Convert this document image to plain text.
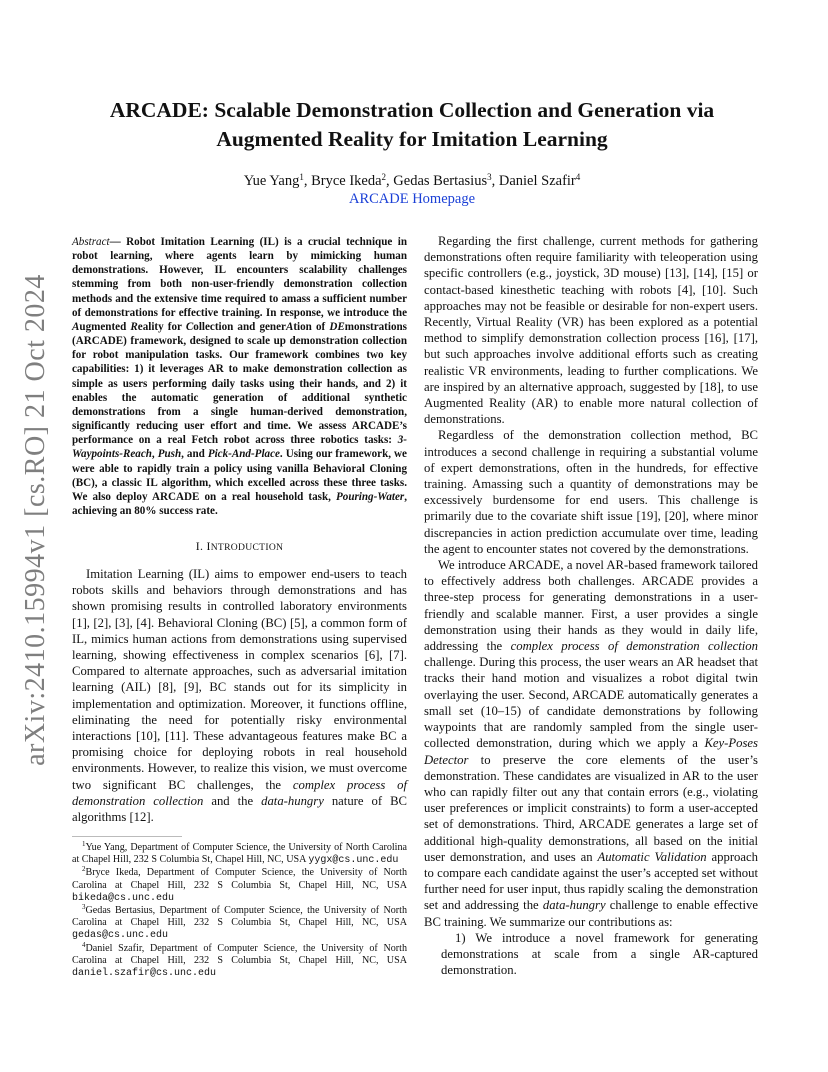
arXiv:2410.15994v1 [cs.RO] 21 Oct 2024
ARCADE: Scalable Demonstration Collection and Generation via
Augmented Reality for Imitation Learning
Yue Yang$^1$, Bryce Ikeda$^2$, Gedas Bertasius$^3$, Daniel Szafir$^4$
ARCADE Homepage
Abstract— Robot Imitation Learning (IL) is a crucial technique in robot learning, where agents learn by mimicking human demonstrations. However, IL encounters scalability challenges stemming from both non-user-friendly demonstration collection methods and the extensive time required to amass a sufficient number of demonstrations for effective training. In response, we introduce the Augmented Reality for Collection and generAtion of DEmonstrations (ARCADE) framework, designed to scale up demonstration collection for robot manipulation tasks. Our framework combines two key capabilities: 1) it leverages AR to make demonstration collection as simple as users performing daily tasks using their hands, and 2) it enables the automatic generation of additional synthetic demonstrations from a single human-derived demonstration, significantly reducing user effort and time. We assess ARCADE’s performance on a real Fetch robot across three robotics tasks: 3-Waypoints-Reach, Push, and Pick-And-Place. Using our framework, we were able to rapidly train a policy using vanilla Behavioral Cloning (BC), a classic IL algorithm, which excelled across these three tasks. We also deploy ARCADE on a real household task, Pouring-Water, achieving an 80% success rate.
I. INTRODUCTION

Imitation Learning (IL) aims to empower end-users to teach robots skills and behaviors through demonstrations and has shown promising results in controlled laboratory environments [1], [2], [3], [4]. Behavioral Cloning (BC) [5], a common form of IL, mimics human actions from demonstrations using supervised learning, showing effectiveness in complex scenarios [6], [7]. Compared to alternate approaches, such as adversarial imitation learning (AIL) [8], [9], BC stands out for its simplicity in implementation and optimization. Moreover, it functions offline, eliminating the need for potentially risky environmental interactions [10], [11]. These advantageous features make BC a promising choice for deploying robots in real household environments. However, to realize this vision, we must overcome two significant BC challenges, the complex process of demonstration collection and the data-hungry nature of BC algorithms [12].

$^1$Yue Yang, Department of Computer Science, the University of North Carolina at Chapel Hill, 232 S Columbia St, Chapel Hill, NC, USA yygx@cs.unc.edu

$^2$Bryce Ikeda, Department of Computer Science, the University of North Carolina at Chapel Hill, 232 S Columbia St, Chapel Hill, NC, USA bikeda@cs.unc.edu

$^3$Gedas Bertasius, Department of Computer Science, the University of North Carolina at Chapel Hill, 232 S Columbia St, Chapel Hill, NC, USA gedas@cs.unc.edu

$^4$Daniel Szafir, Department of Computer Science, the University of North Carolina at Chapel Hill, 232 S Columbia St, Chapel Hill, NC, USA daniel.szafir@cs.unc.edu

Regarding the first challenge, current methods for gathering demonstrations often require familiarity with teleoperation using specific controllers (e.g., joystick, 3D mouse) [13], [14], [15] or contact-based kinesthetic teaching with robots [4], [10]. Such approaches may not be feasible or desirable for non-expert users. Recently, Virtual Reality (VR) has been explored as a potential method to simplify demonstration collection process [16], [17], but such approaches involve additional efforts such as creating realistic VR environments, leading to further complications. We are inspired by an alternative approach, suggested by [18], to use Augmented Reality (AR) to enable more natural collection of demonstrations.

Regardless of the demonstration collection method, BC introduces a second challenge in requiring a substantial volume of expert demonstrations, often in the hundreds, for effective training. Amassing such a quantity of demonstrations may be excessively burdensome for end users. This challenge is primarily due to the covariate shift issue [19], [20], where minor discrepancies in action prediction accumulate over time, leading the agent to encounter states not covered by the demonstrations.

We introduce ARCADE, a novel AR-based framework tailored to effectively address both challenges. ARCADE provides a three-step process for generating demonstrations in a user-friendly and scalable manner. First, a user provides a single demonstration using their hands as they would in daily life, addressing the complex process of demonstration collection challenge. During this process, the user wears an AR headset that tracks their hand motion and visualizes a robot digital twin overlaying the user. Second, ARCADE automatically generates a small set (10–15) of candidate demonstrations by following waypoints that are randomly sampled from the single user-collected demonstration, during which we apply a Key-Poses Detector to preserve the core elements of the user’s demonstration. These candidates are visualized in AR to the user who can rapidly filter out any that contain errors (e.g., violating user preferences or implicit constraints) to form a user-accepted set of demonstrations. Third, ARCADE generates a large set of additional high-quality demonstrations, all based on the initial user demonstration, and uses an Automatic Validation approach to compare each candidate against the user’s accepted set without further need for user input, thus rapidly scaling the demonstration set and addressing the data-hungry challenge to enable effective BC training. We summarize our contributions as:

1) We introduce a novel framework for generating demonstrations at scale from a single AR-captured demonstration.
